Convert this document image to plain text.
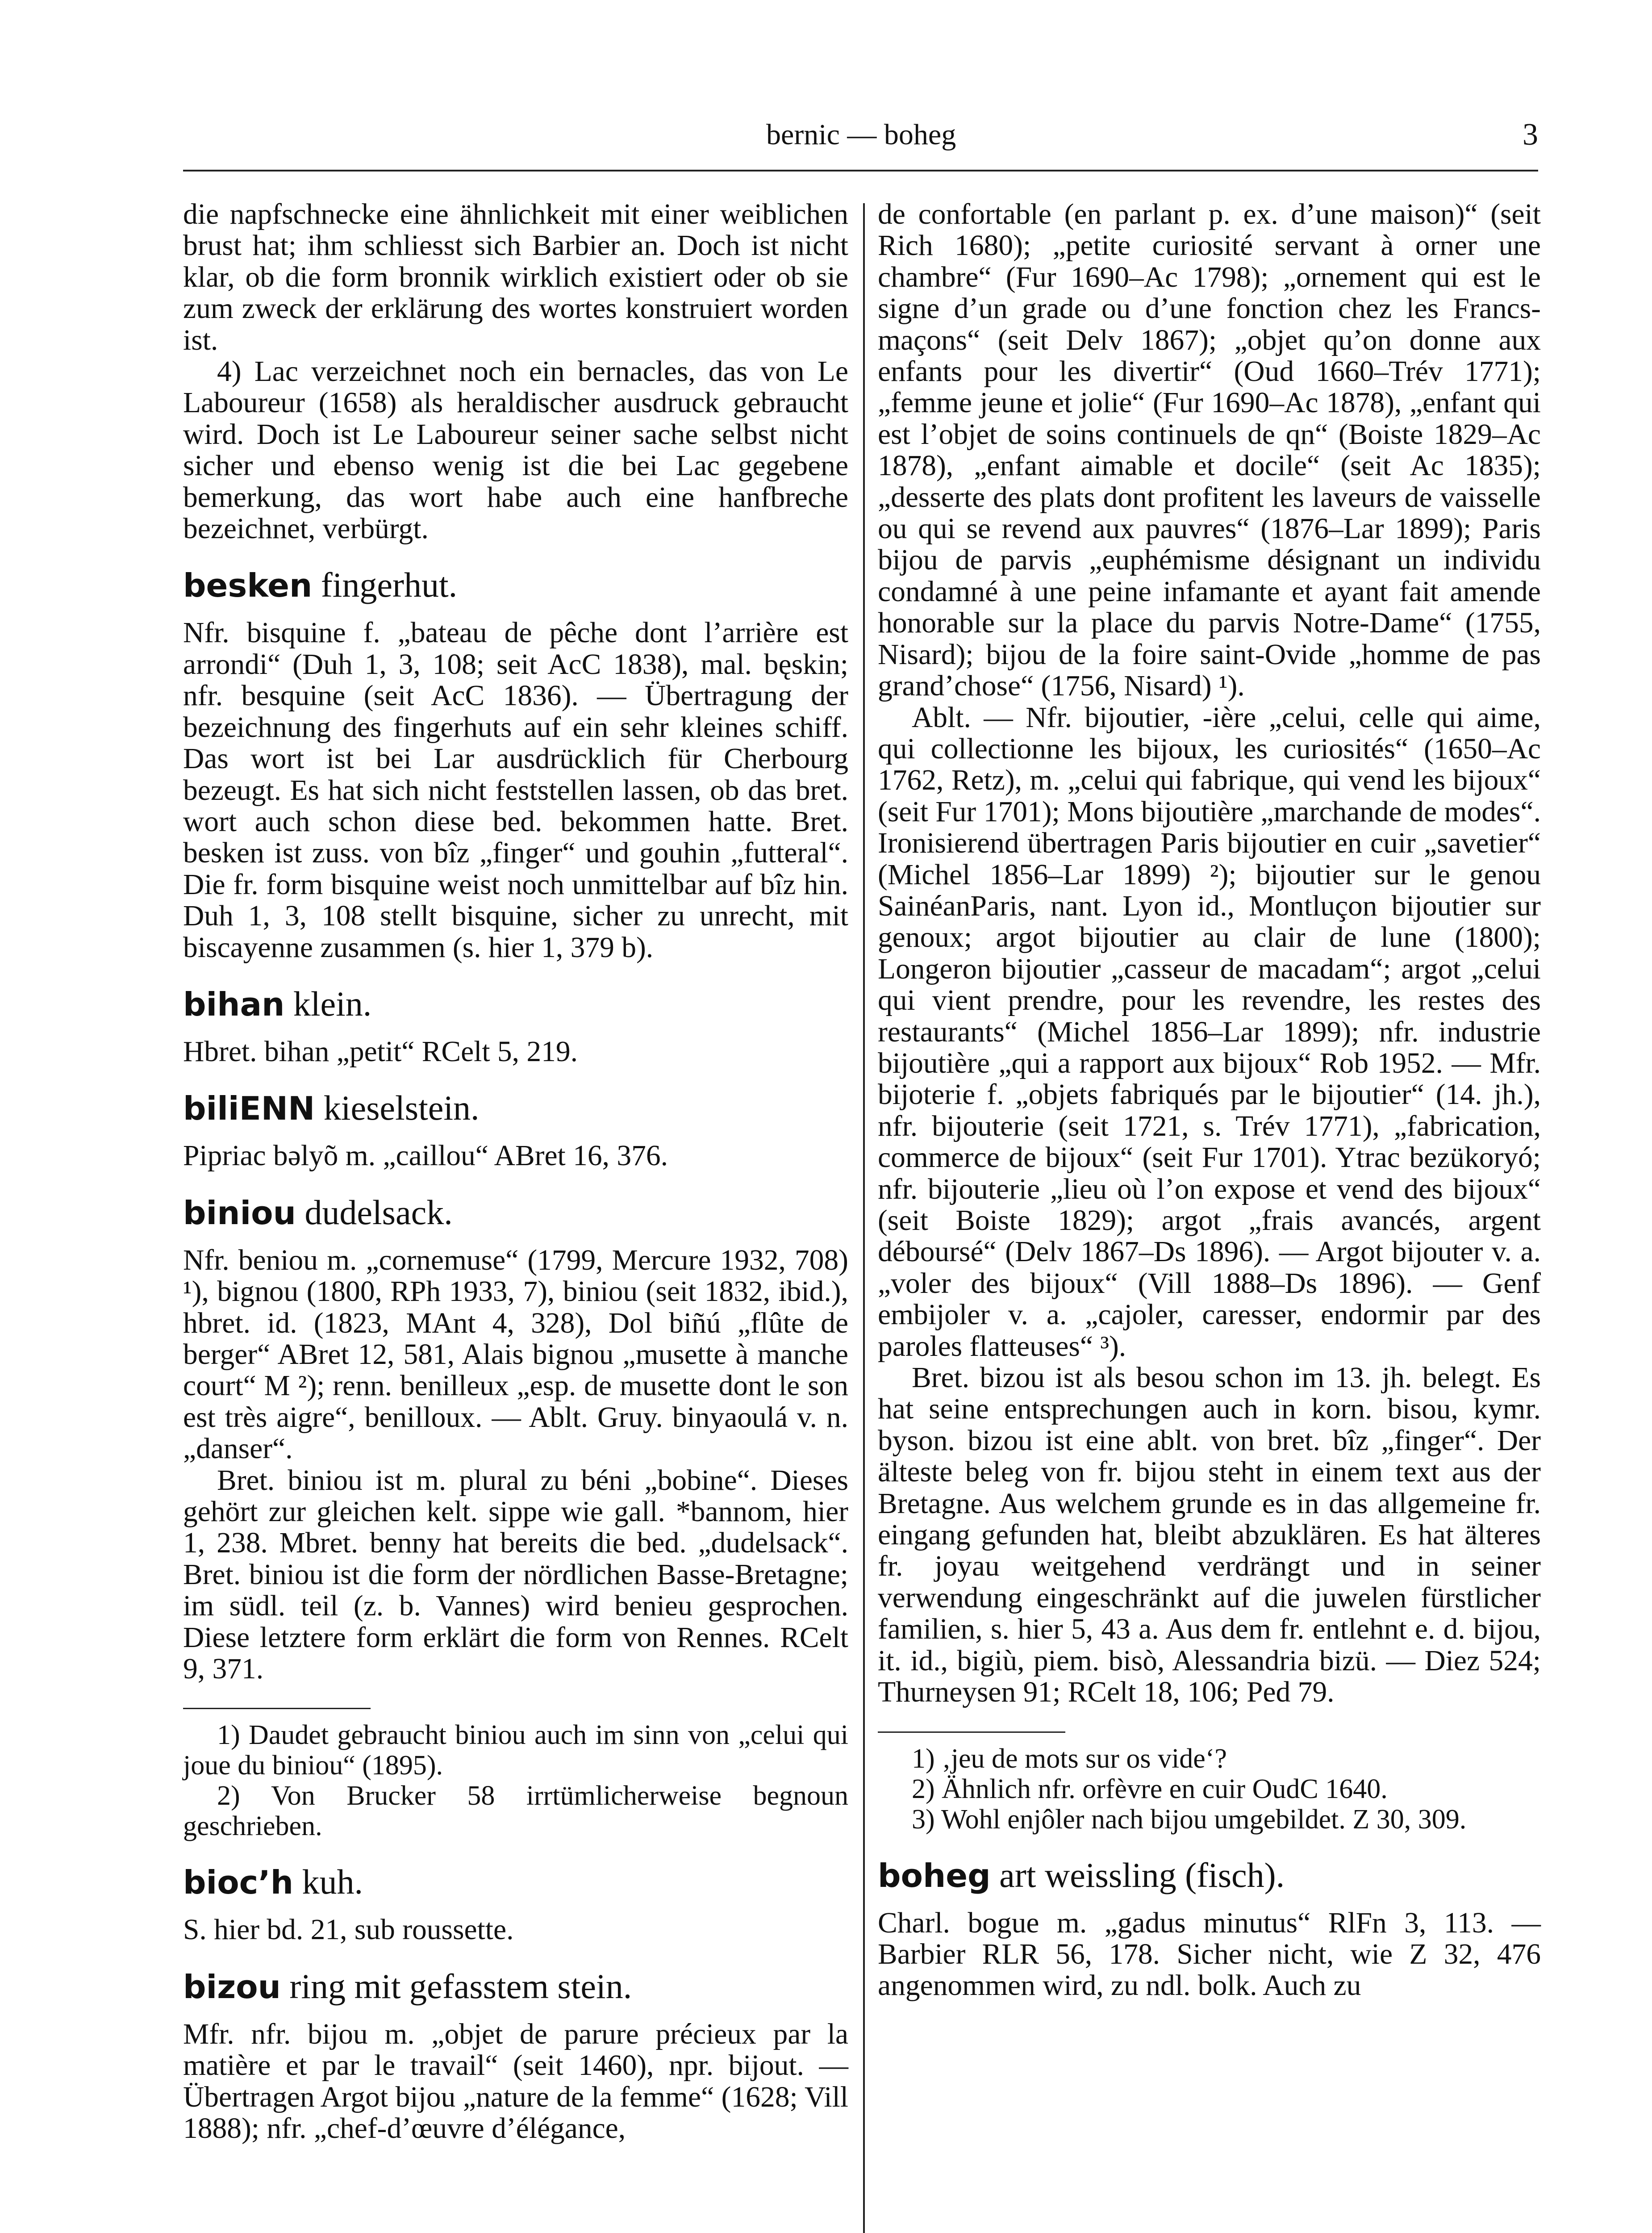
bernic — boheg	3

die napfschnecke eine ähnlichkeit mit einer weiblichen brust hat; ihm schliesst sich Barbier an. Doch ist nicht klar, ob die form bronnik wirklich existiert oder ob sie zum zweck der erklärung des wortes konstruiert worden ist.

4) Lac verzeichnet noch ein bernacles, das von Le Laboureur (1658) als heraldischer ausdruck gebraucht wird. Doch ist Le Laboureur seiner sache selbst nicht sicher und ebenso wenig ist die bei Lac gegebene bemerkung, das wort habe auch eine hanfbreche bezeichnet, verbürgt.

besken fingerhut.

Nfr. bisquine f. „bateau de pêche dont l’arrière est arrondi“ (Duh 1, 3, 108; seit AcC 1838), mal. bęskin; nfr. besquine (seit AcC 1836). — Übertragung der bezeichnung des fingerhuts auf ein sehr kleines schiff. Das wort ist bei Lar ausdrücklich für Cherbourg bezeugt. Es hat sich nicht feststellen lassen, ob das bret. wort auch schon diese bed. bekommen hatte. Bret. besken ist zuss. von bîz „finger“ und gouhin „futteral“. Die fr. form bisquine weist noch unmittelbar auf bîz hin. Duh 1, 3, 108 stellt bisquine, sicher zu unrecht, mit biscayenne zusammen (s. hier 1, 379 b).

bihan klein.

Hbret. bihan „petit“ RCelt 5, 219.

biliENN kieselstein.

Pipriac bəlyõ m. „caillou“ ABret 16, 376.

biniou dudelsack.

Nfr. beniou m. „cornemuse“ (1799, Mercure 1932, 708) ¹), bignou (1800, RPh 1933, 7), biniou (seit 1832, ibid.), hbret. id. (1823, MAnt 4, 328), Dol biñú „flûte de berger“ ABret 12, 581, Alais bignou „musette à manche court“ M ²); renn. benilleux „esp. de musette dont le son est très aigre“, benilloux. — Ablt. Gruy. binyaoulá v. n. „danser“.

Bret. biniou ist m. plural zu béni „bobine“. Dieses gehört zur gleichen kelt. sippe wie gall. *bannom, hier 1, 238. Mbret. benny hat bereits die bed. „dudelsack“. Bret. biniou ist die form der nördlichen Basse-Bretagne; im südl. teil (z. b. Vannes) wird benieu gesprochen. Diese letztere form erklärt die form von Rennes. RCelt 9, 371.

1) Daudet gebraucht biniou auch im sinn von „celui qui joue du biniou“ (1895).

2) Von Brucker 58 irrtümlicherweise begnoun geschrieben.

bioc’h kuh.

S. hier bd. 21, sub roussette.

bizou ring mit gefasstem stein.

Mfr. nfr. bijou m. „objet de parure précieux par la matière et par le travail“ (seit 1460), npr. bijout. — Übertragen Argot bijou „nature de la femme“ (1628; Vill 1888); nfr. „chef-d’œuvre d’élégance,

de confortable (en parlant p. ex. d’une maison)“ (seit Rich 1680); „petite curiosité servant à orner une chambre“ (Fur 1690–Ac 1798); „ornement qui est le signe d’un grade ou d’une fonction chez les Francs-maçons“ (seit Delv 1867); „objet qu’on donne aux enfants pour les divertir“ (Oud 1660–Trév 1771); „femme jeune et jolie“ (Fur 1690–Ac 1878), „enfant qui est l’objet de soins continuels de qn“ (Boiste 1829–Ac 1878), „enfant aimable et docile“ (seit Ac 1835); „desserte des plats dont profitent les laveurs de vaisselle ou qui se revend aux pauvres“ (1876–Lar 1899); Paris bijou de parvis „euphémisme désignant un individu condamné à une peine infamante et ayant fait amende honorable sur la place du parvis Notre-Dame“ (1755, Nisard); bijou de la foire saint-Ovide „homme de pas grand’chose“ (1756, Nisard) ¹).

Ablt. — Nfr. bijoutier, -ière „celui, celle qui aime, qui collectionne les bijoux, les curiosités“ (1650–Ac 1762, Retz), m. „celui qui fabrique, qui vend les bijoux“ (seit Fur 1701); Mons bijoutière „marchande de modes“. Ironisierend übertragen Paris bijoutier en cuir „savetier“ (Michel 1856–Lar 1899) ²); bijoutier sur le genou SainéanParis, nant. Lyon id., Montluçon bijoutier sur genoux; argot bijoutier au clair de lune (1800); Longeron bijoutier „casseur de macadam“; argot „celui qui vient prendre, pour les revendre, les restes des restaurants“ (Michel 1856–Lar 1899); nfr. industrie bijoutière „qui a rapport aux bijoux“ Rob 1952. — Mfr. bijoterie f. „objets fabriqués par le bijoutier“ (14. jh.), nfr. bijouterie (seit 1721, s. Trév 1771), „fabrication, commerce de bijoux“ (seit Fur 1701). Ytrac bezükoryó; nfr. bijouterie „lieu où l’on expose et vend des bijoux“ (seit Boiste 1829); argot „frais avancés, argent déboursé“ (Delv 1867–Ds 1896). — Argot bijouter v. a. „voler des bijoux“ (Vill 1888–Ds 1896). — Genf embijoler v. a. „cajoler, caresser, endormir par des paroles flatteuses“ ³).

Bret. bizou ist als besou schon im 13. jh. belegt. Es hat seine entsprechungen auch in korn. bisou, kymr. byson. bizou ist eine ablt. von bret. bîz „finger“. Der älteste beleg von fr. bijou steht in einem text aus der Bretagne. Aus welchem grunde es in das allgemeine fr. eingang gefunden hat, bleibt abzuklären. Es hat älteres fr. joyau weitgehend verdrängt und in seiner verwendung eingeschränkt auf die juwelen fürstlicher familien, s. hier 5, 43 a. Aus dem fr. entlehnt e. d. bijou, it. id., bigiù, piem. bisò, Alessandria bizü. — Diez 524; Thurneysen 91; RCelt 18, 106; Ped 79.

1) ‚jeu de mots sur os vide‘?

2) Ähnlich nfr. orfèvre en cuir OudC 1640.

3) Wohl enjôler nach bijou umgebildet. Z 30, 309.

boheg art weissling (fisch).

Charl. bogue m. „gadus minutus“ RlFn 3, 113. — Barbier RLR 56, 178. Sicher nicht, wie Z 32, 476 angenommen wird, zu ndl. bolk. Auch zu
